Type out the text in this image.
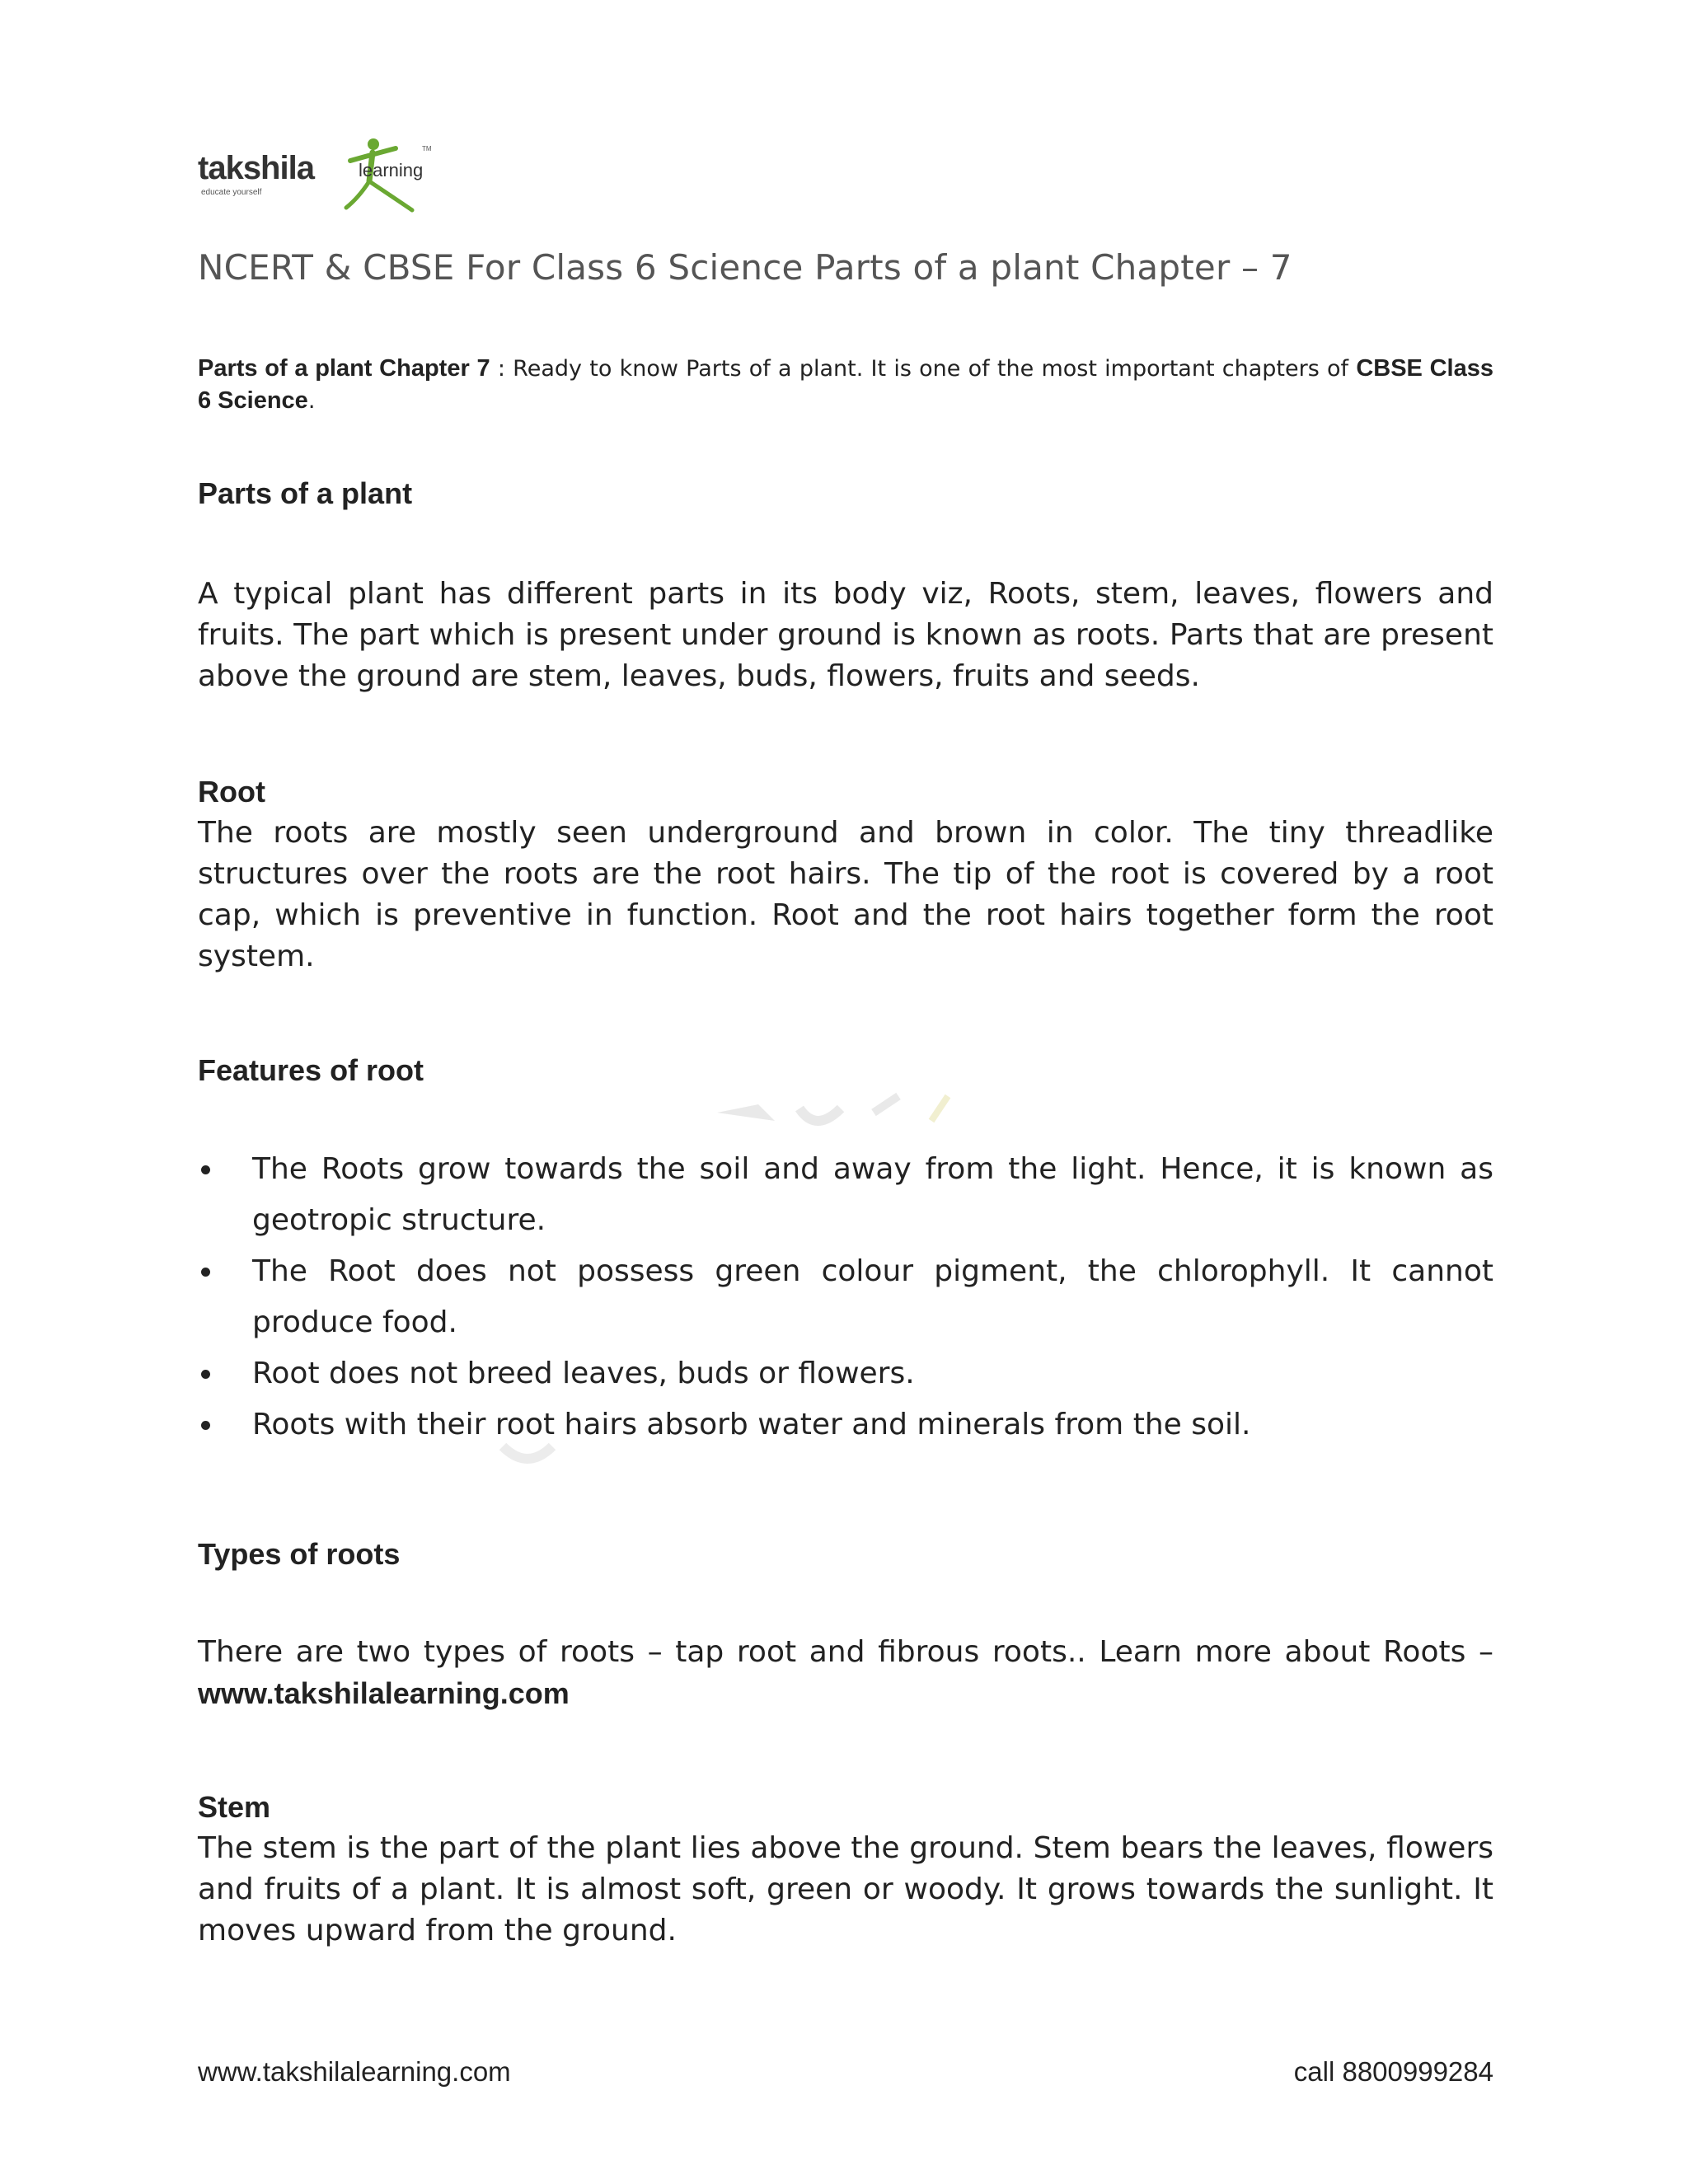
takshila learning
educate yourself
TM
NCERT & CBSE For Class 6 Science Parts of a plant Chapter – 7

Parts of a plant Chapter 7 : Ready to know Parts of a plant. It is one of the most important chapters of CBSE Class 6 Science.

Parts of a plant

A typical plant has different parts in its body viz, Roots, stem, leaves, flowers and fruits. The part which is present under ground is known as roots. Parts that are present above the ground are stem, leaves, buds, flowers, fruits and seeds.

Root

The roots are mostly seen underground and brown in color. The tiny threadlike structures over the roots are the root hairs. The tip of the root is covered by a root cap, which is preventive in function. Root and the root hairs together form the root system.

Features of root
The Roots grow towards the soil and away from the light. Hence, it is known as geotropic structure.
The Root does not possess green colour pigment, the chlorophyll. It cannot produce food.
Root does not breed leaves, buds or flowers.
Roots with their root hairs absorb water and minerals from the soil.
Types of roots

There are two types of roots – tap root and fibrous roots.. Learn more about Roots – www.takshilalearning.com

Stem

The stem is the part of the plant lies above the ground. Stem bears the leaves, flowers and fruits of a plant. It is almost soft, green or woody. It grows towards the sunlight. It moves upward from the ground.

www.takshilalearning.com	call 8800999284
